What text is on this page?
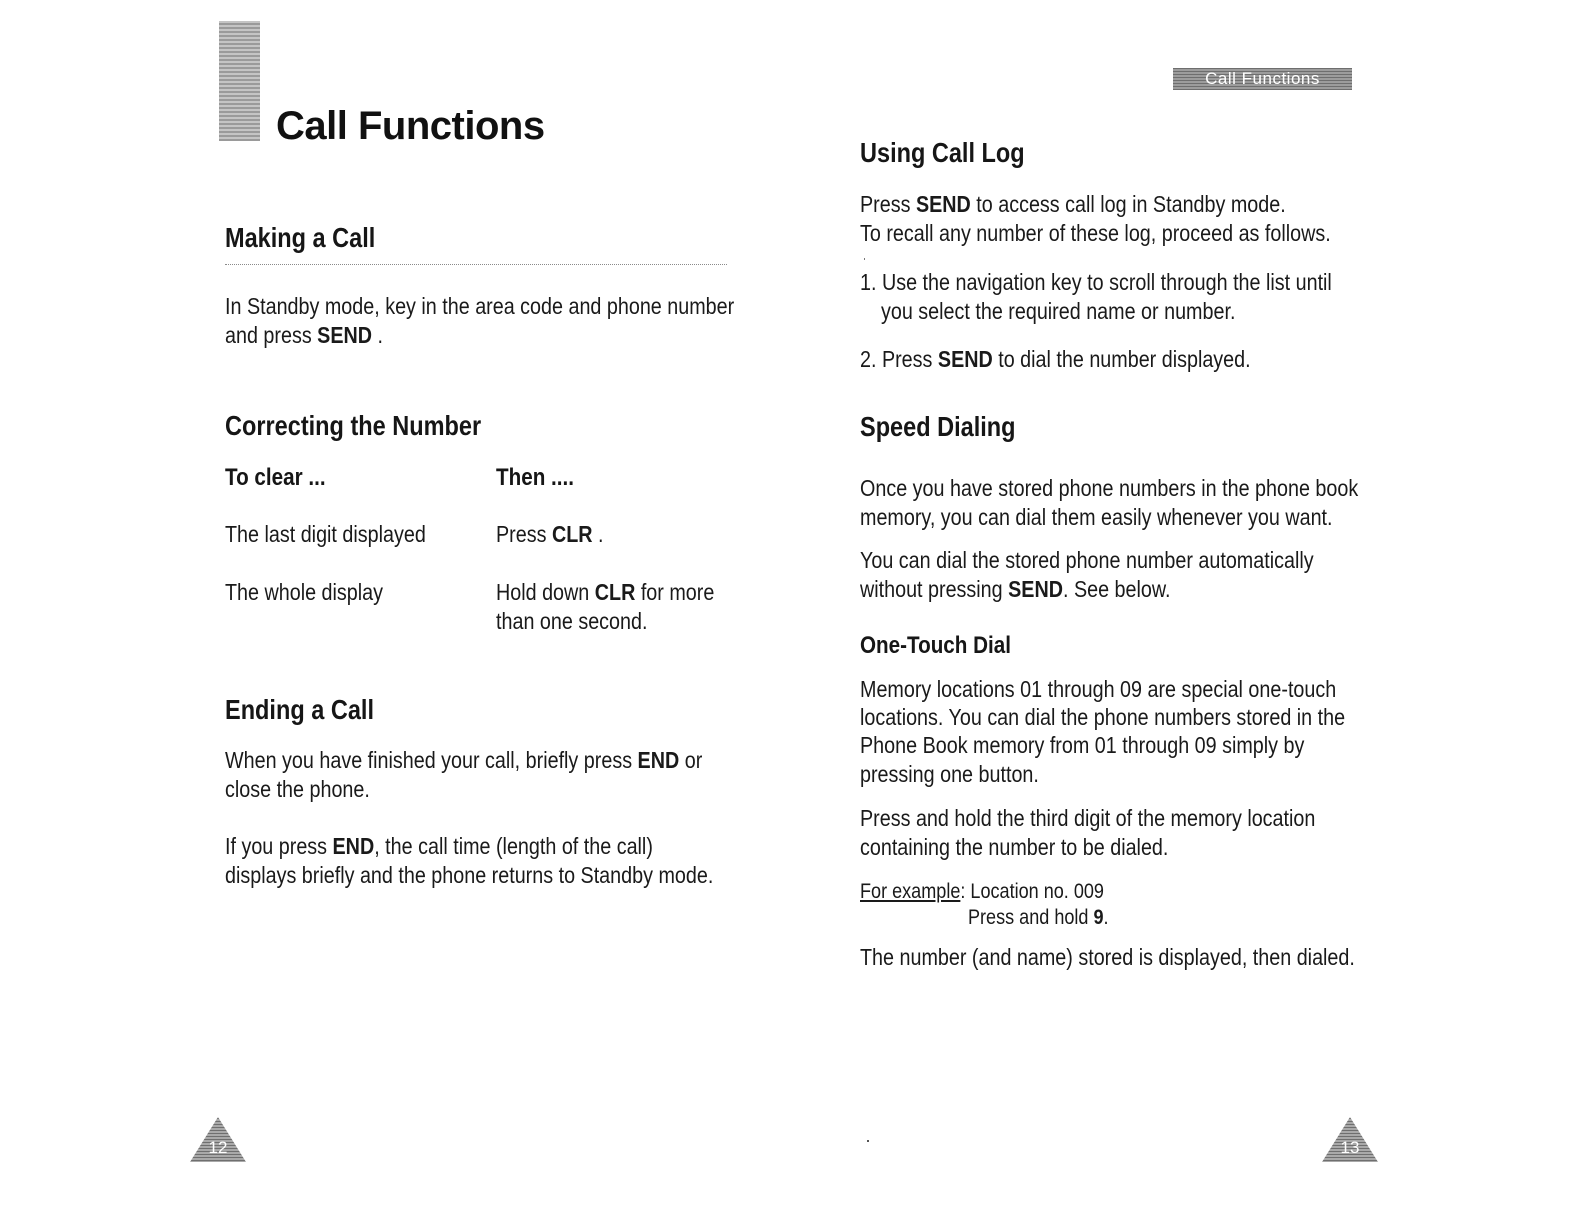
Call Functions
Making a Call
In Standby mode, key in the area code and phone number
and press SEND .
Correcting the Number
To clear ...	Then ....
The last digit displayed	Press CLR .
The whole display	Hold down CLR for more
than one second.
Ending a Call
When you have finished your call, briefly press END or
close the phone.
If you press END, the call time (length of the call)
displays briefly and the phone returns to Standby mode.
12
Call Functions
Using Call Log
Press SEND to access call log in Standby mode.
To recall any number of these log, proceed as follows.
1. Use the navigation key to scroll through the list until
you select the required name or number.
2. Press SEND to dial the number displayed.
Speed Dialing
Once you have stored phone numbers in the phone book
memory, you can dial them easily whenever you want.
You can dial the stored phone number automatically
without pressing SEND. See below.
One-Touch Dial
Memory locations 01 through 09 are special one-touch
locations. You can dial the phone numbers stored in the
Phone Book memory from 01 through 09 simply by
pressing one button.
Press and hold the third digit of the memory location
containing the number to be dialed.
For example: Location no. 009
Press and hold 9.
The number (and name) stored is displayed, then dialed.
13
